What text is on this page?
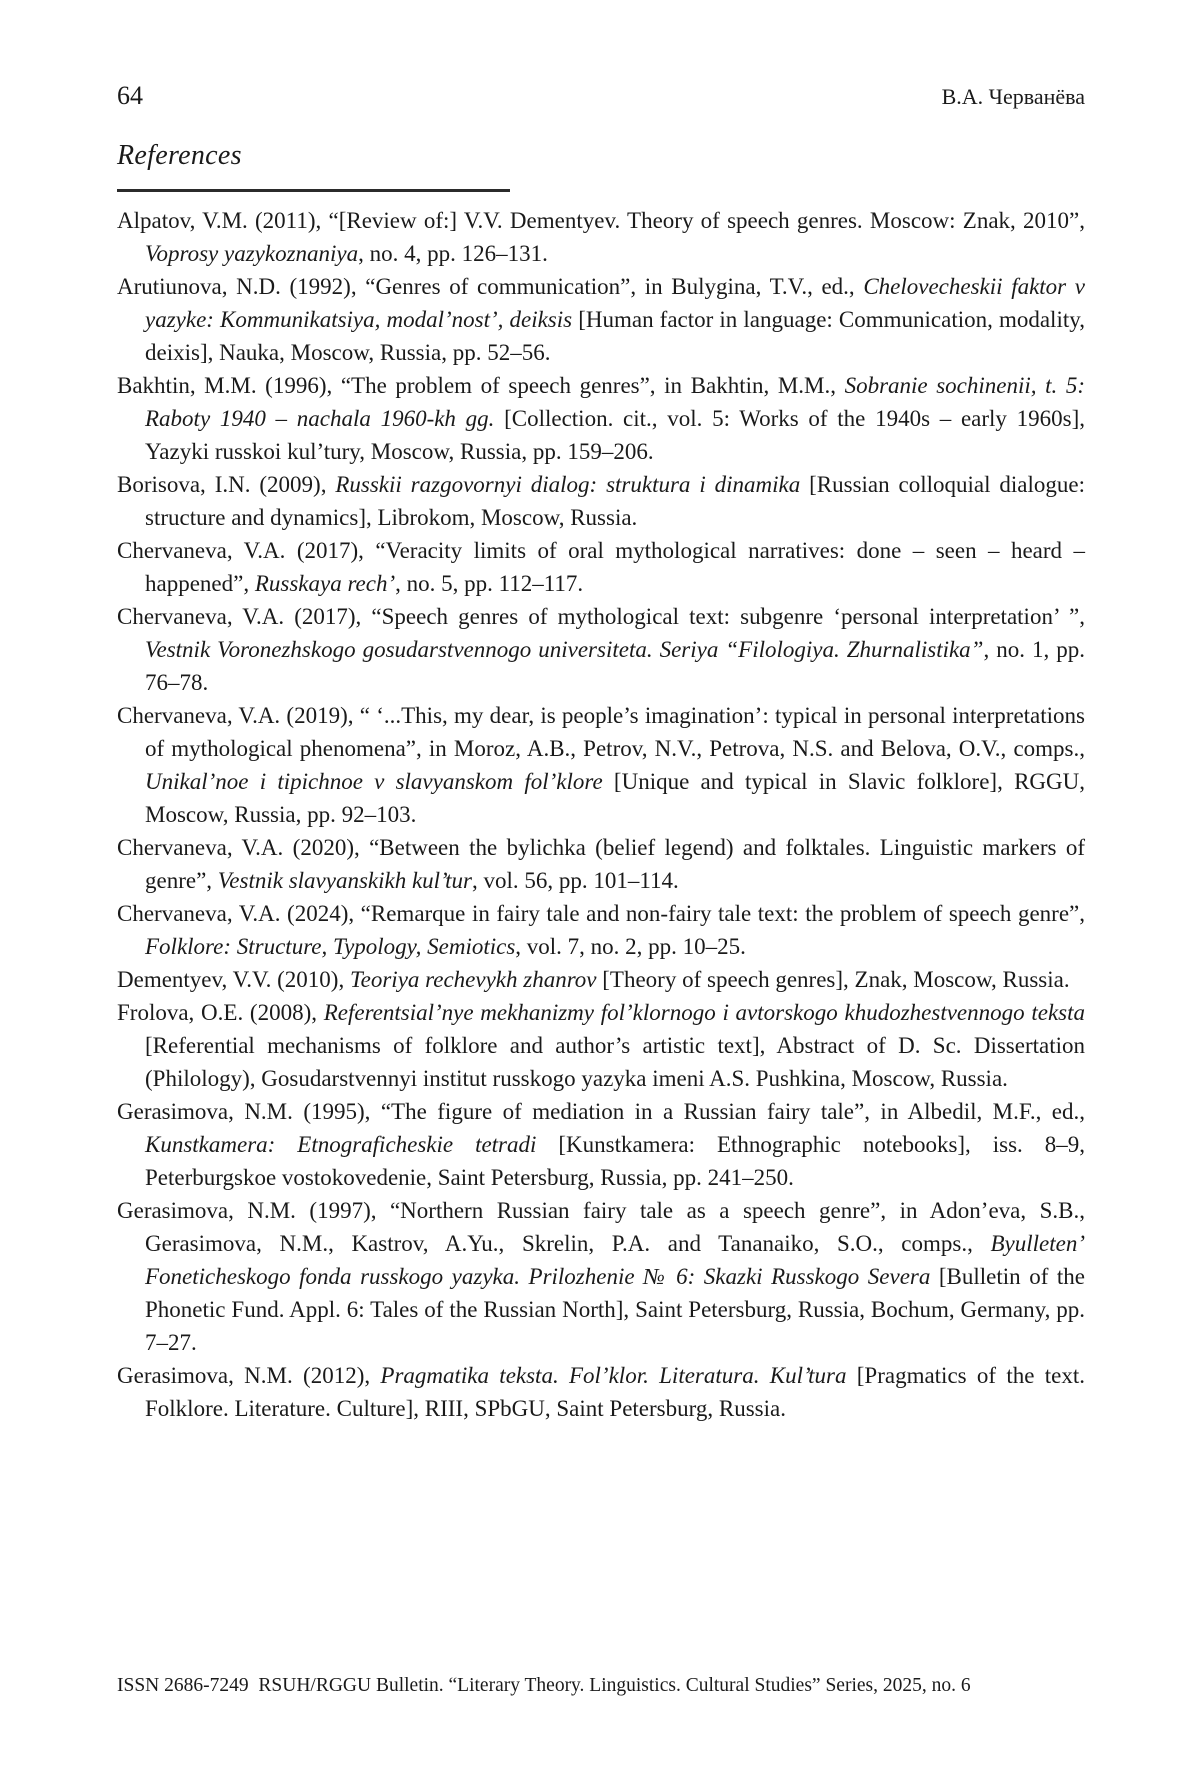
64	В.А. Черванёва
References

Alpatov, V.M. (2011), “[Review of:] V.V. Dementyev. Theory of speech genres. Moscow: Znak, 2010”, Voprosy yazykoznaniya, no. 4, pp. 126–131.

Arutiunova, N.D. (1992), “Genres of communication”, in Bulygina, T.V., ed., Chelovecheskii faktor v yazyke: Kommunikatsiya, modal’nost’, deiksis [Human factor in language: Communication, modality, deixis], Nauka, Moscow, Russia, pp. 52–56.

Bakhtin, M.M. (1996), “The problem of speech genres”, in Bakhtin, M.M., Sobranie sochinenii, t. 5: Raboty 1940 – nachala 1960-kh gg. [Collection. cit., vol. 5: Works of the 1940s – early 1960s], Yazyki russkoi kul’tury, Moscow, Russia, pp. 159–206.

Borisova, I.N. (2009), Russkii razgovornyi dialog: struktura i dinamika [Russian colloquial dialogue: structure and dynamics], Librokom, Moscow, Russia.

Chervaneva, V.A. (2017), “Veracity limits of oral mythological narratives: done – seen – heard – happened”, Russkaya rech’, no. 5, pp. 112–117.

Chervaneva, V.A. (2017), “Speech genres of mythological text: subgenre ‘personal interpretation’ ”, Vestnik Voronezhskogo gosudarstvennogo universiteta. Seriya “Filologiya. Zhurnalistika”, no. 1, pp. 76–78.

Chervaneva, V.A. (2019), “ ‘...This, my dear, is people’s imagination’: typical in personal interpretations of mythological phenomena”, in Moroz, A.B., Petrov, N.V., Petrova, N.S. and Belova, O.V., comps., Unikal’noe i tipichnoe v slavyanskom fol’klore [Unique and typical in Slavic folklore], RGGU, Moscow, Russia, pp. 92–103.

Chervaneva, V.A. (2020), “Between the bylichka (belief legend) and folktales. Linguistic markers of genre”, Vestnik slavyanskikh kul’tur, vol. 56, pp. 101–114.

Chervaneva, V.A. (2024), “Remarque in fairy tale and non-fairy tale text: the problem of speech genre”, Folklore: Structure, Typology, Semiotics, vol. 7, no. 2, pp. 10–25.

Dementyev, V.V. (2010), Teoriya rechevykh zhanrov [Theory of speech genres], Znak, Moscow, Russia.

Frolova, O.E. (2008), Referentsial’nye mekhanizmy fol’klornogo i avtorskogo khudozhestvennogo teksta [Referential mechanisms of folklore and author’s artistic text], Abstract of D. Sc. Dissertation (Philology), Gosudarstvennyi institut russkogo yazyka imeni A.S. Pushkina, Moscow, Russia.

Gerasimova, N.M. (1995), “The figure of mediation in a Russian fairy tale”, in Albedil, M.F., ed., Kunstkamera: Etnograficheskie tetradi [Kunstkamera: Ethnographic notebooks], iss. 8–9, Peterburgskoe vostokovedenie, Saint Petersburg, Russia, pp. 241–250.

Gerasimova, N.M. (1997), “Northern Russian fairy tale as a speech genre”, in Adon’eva, S.B., Gerasimova, N.M., Kastrov, A.Yu., Skrelin, P.A. and Tananaiko, S.O., comps., Byulleten’ Foneticheskogo fonda russkogo yazyka. Prilozhenie № 6: Skazki Russkogo Severa [Bulletin of the Phonetic Fund. Appl. 6: Tales of the Russian North], Saint Petersburg, Russia, Bochum, Germany, pp. 7–27.

Gerasimova, N.M. (2012), Pragmatika teksta. Fol’klor. Literatura. Kul’tura [Pragmatics of the text. Folklore. Literature. Culture], RIII, SPbGU, Saint Petersburg, Russia.

ISSN 2686-7249  RSUH/RGGU Bulletin. “Literary Theory. Linguistics. Cultural Studies” Series, 2025, no. 6
